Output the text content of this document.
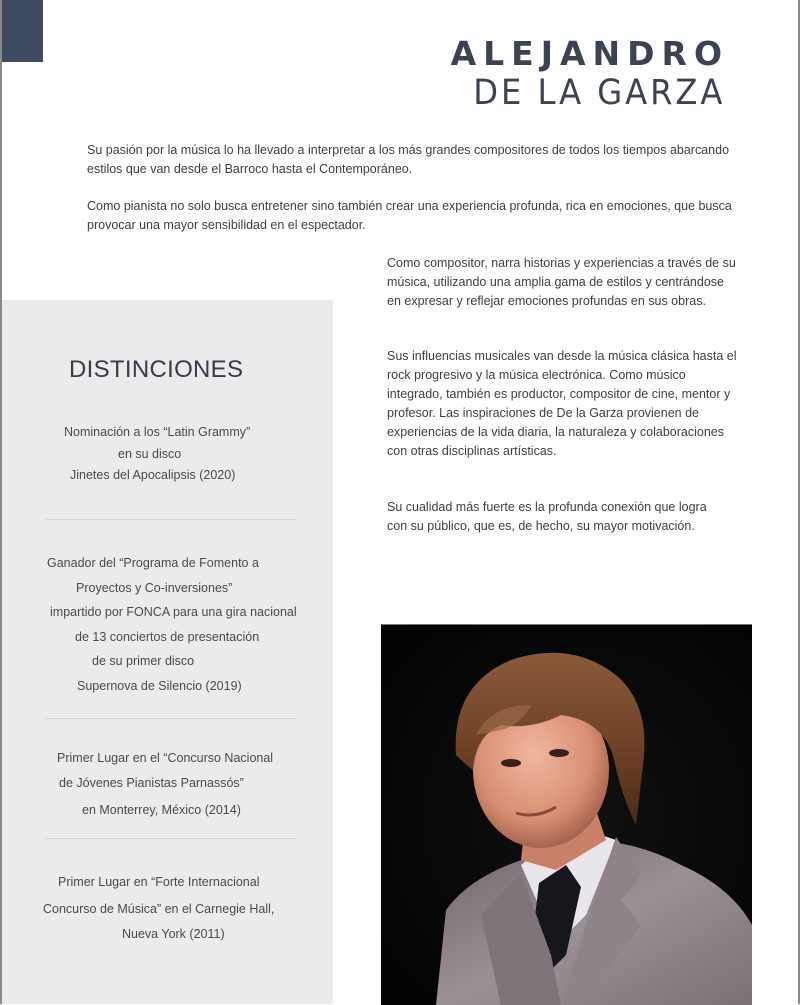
ALEJANDRO
DE LA GARZA

Su pasión por la música lo ha llevado a interpretar a los más grandes compositores de todos los tiempos abarcando estilos que van desde el Barroco hasta el Contemporáneo.

Como pianista no solo busca entretener sino también crear una experiencia profunda, rica en emociones, que busca provocar una mayor sensibilidad en el espectador.

DISTINCIONES
Nominación a los “Latin Grammy”
en su disco
Jinetes del Apocalipsis (2020)
Ganador del “Programa de Fomento a
Proyectos y Co-inversiones”
impartido por FONCA para una gira nacional
de 13 conciertos de presentación
de su primer disco
Supernova de Silencio (2019)
Primer Lugar en el “Concurso Nacional
de Jóvenes Pianistas Parnassós”
en Monterrey, México (2014)
Primer Lugar en “Forte Internacional
Concurso de Música” en el Carnegie Hall,
Nueva York (2011)

Como compositor, narra historias y experiencias a través de su música, utilizando una amplia gama de estilos y centrándose en expresar y reflejar emociones profundas en sus obras.

Sus influencias musicales van desde la música clásica hasta el rock progresivo y la música electrónica. Como músico integrado, también es productor, compositor de cine, mentor y profesor. Las inspiraciones de De la Garza provienen de experiencias de la vida diaria, la naturaleza y colaboraciones con otras disciplinas artísticas.

Su cualidad más fuerte es la profunda conexión que logra con su público, que es, de hecho, su mayor motivación.
